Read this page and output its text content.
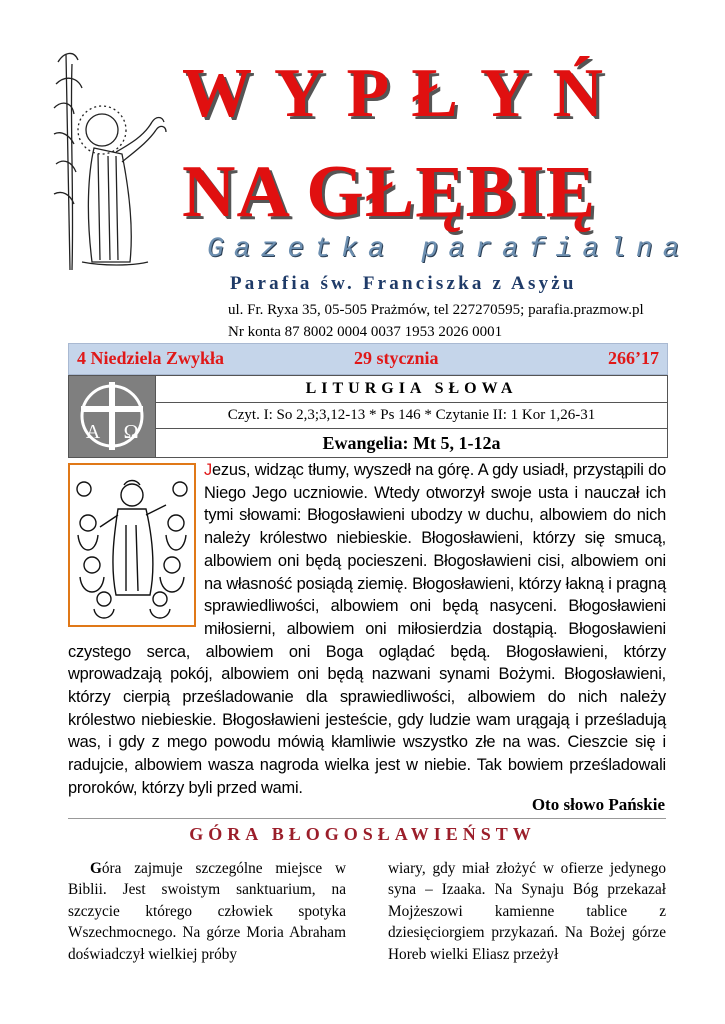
WYPŁYŃ
NA GŁĘBIĘ
Gazetka parafialna
Parafia św. Franciszka z Asyżu
ul. Fr. Ryxa 35, 05-505 Prażmów, tel 227270595; parafia.prazmow.pl
Nr konta 87 8002 0004 0037 1953 2026 0001
4 Niedziela Zwykła	29 stycznia	266’17
A Ω
LITURGIA SŁOWA
Czyt. I: So 2,3;3,12-13 * Ps 146 * Czytanie II: 1 Kor 1,26-31
Ewangelia: Mt 5, 1-12a

Jezus, widząc tłumy, wyszedł na górę. A gdy usiadł, przystąpili do Niego Jego uczniowie. Wtedy otworzył swoje usta i nauczał ich tymi słowami: Błogosławieni ubodzy w duchu, albowiem do nich należy królestwo niebieskie. Błogosławieni, którzy się smucą, albowiem oni będą pocieszeni. Błogosławieni cisi, albowiem oni na własność posiądą ziemię. Błogosławieni, którzy łakną i pragną sprawiedliwości, albowiem oni będą nasyceni. Błogosławieni miłosierni, albowiem oni miłosierdzia dostąpią. Błogosławieni czystego serca, albowiem oni Boga oglądać będą. Błogosławieni, którzy wprowadzają pokój, albowiem oni będą nazwani synami Bożymi. Błogosławieni, którzy cierpią prześladowanie dla sprawiedliwości, albowiem do nich należy królestwo niebieskie. Błogosławieni jesteście, gdy ludzie wam urągają i prześladują was, i gdy z mego powodu mówią kłamliwie wszystko złe na was. Cieszcie się i radujcie, albowiem wasza nagroda wielka jest w niebie. Tak bowiem prześladowali proroków, którzy byli przed wami.

Oto słowo Pańskie
GÓRA BŁOGOSŁAWIEŃSTW

Góra zajmuje szczególne miejsce w Biblii. Jest swoistym sanktuarium, na szczycie którego człowiek spotyka Wszechmocnego. Na górze Moria Abraham doświadczył wielkiej próby

wiary, gdy miał złożyć w ofierze jedynego syna – Izaaka. Na Synaju Bóg przekazał Mojżeszowi kamienne tablice z dziesięciorgiem przykazań. Na Bożej górze Horeb wielki Eliasz przeżył
